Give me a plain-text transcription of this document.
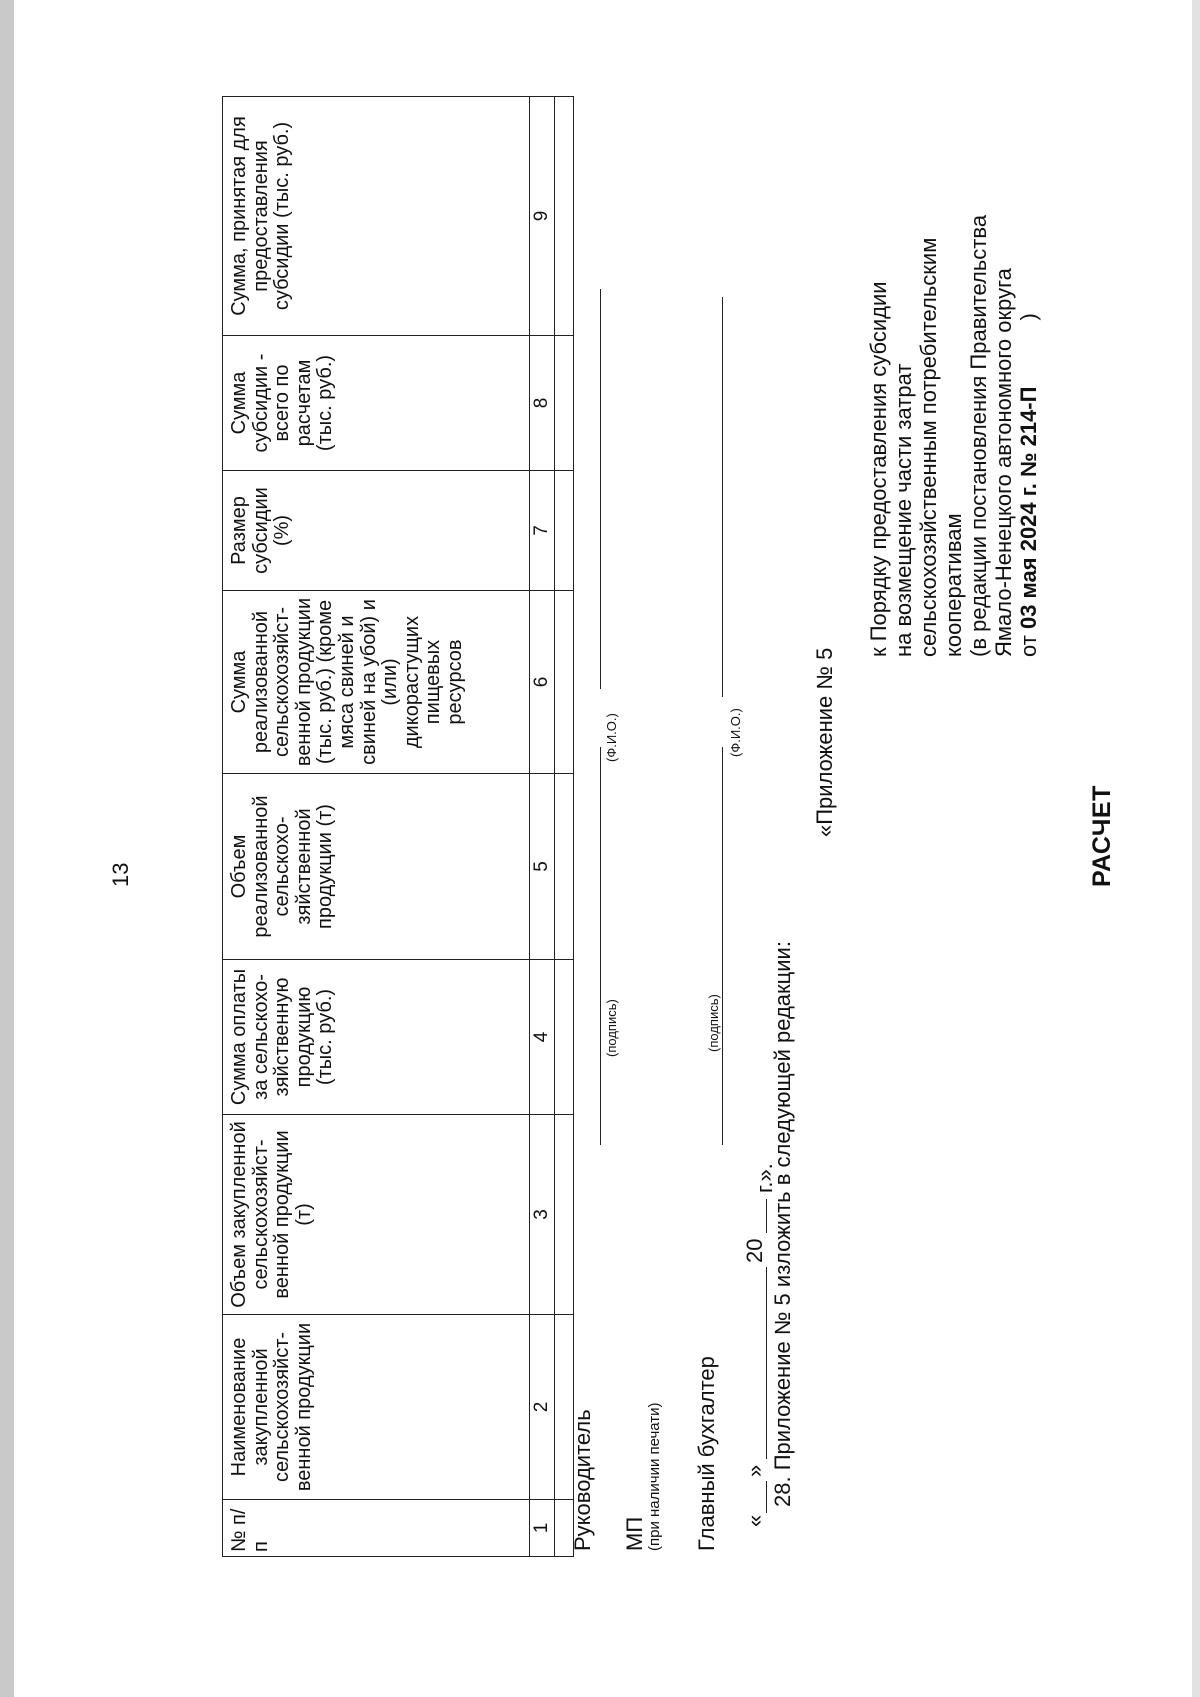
13
№ п/п	Наименование закупленной сельскохозяйст-венной продукции	Объем закупленной сельскохозяйст-венной продукции (т)	Сумма оплаты за сельскохо-зяйственную продукцию (тыс. руб.)	Объем реализованной сельскохо-зяйственной продукции (т)	Сумма реализованной сельскохозяйст-венной продукции (тыс. руб.) (кроме мяса свиней и свиней на убой) и (или) дикорастущих пищевых ресурсов	Размер субсидии (%)	Сумма субсидии - всего по расчетам (тыс. руб.)	Сумма, принятая для предоставления субсидии (тыс. руб.)
1	2	3	4	5	6	7	8	9

Руководитель
(подпись)
(Ф.И.О.)
МП (при наличии печати) Главный бухгалтер
(подпись)
(Ф.И.О.)
«
»
20
г.».
28. Приложение № 5 изложить в следующей редакции:
«Приложение № 5
к Порядку предоставления субсидии на возмещение части затрат сельскохозяйственным потребительским кооперативам (в редакции постановления Правительства Ямало-Ненецкого автономного округа от 03 мая 2024 г. № 214-П )
РАСЧЕТ
